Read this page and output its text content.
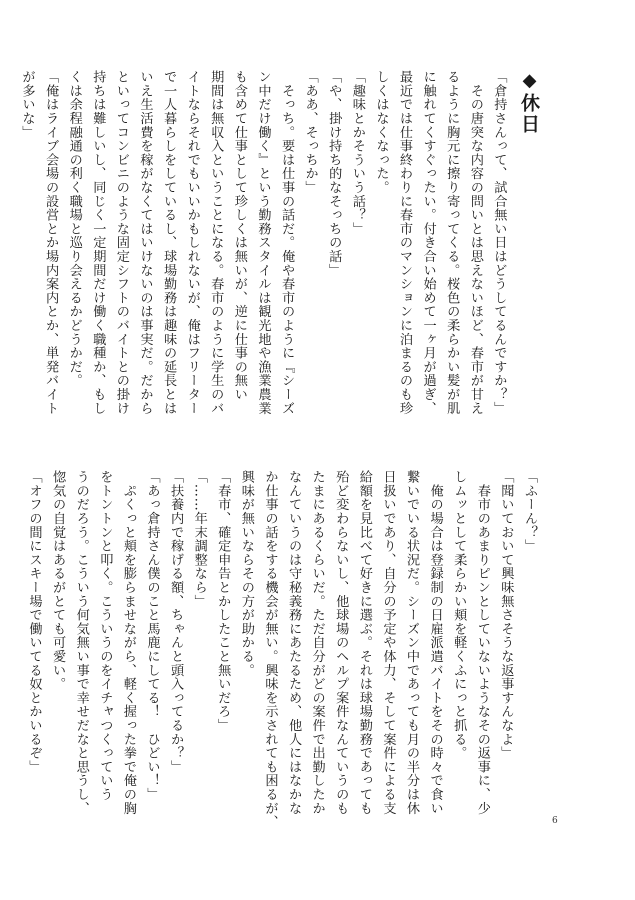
◆休日
「倉持さんって、試合無い日はどうしてるんですか？」
　その唐突な内容の問いとは思えないほど、春市が甘え
るように胸元に擦り寄ってくる。桜色の柔らかい髪が肌
に触れてくすぐったい。付き合い始めて一ヶ月が過ぎ、
最近では仕事終わりに春市のマンションに泊まるのも珍
しくはなくなった。
「趣味とかそういう話？」
「や、掛け持ち的なそっちの話」
「ああ、そっちか」
　そっち。要は仕事の話だ。俺や春市のように『シーズ
ン中だけ働く』という勤務スタイルは観光地や漁業農業
も含めて仕事として珍しくは無いが、逆に仕事の無い
期間は無収入ということになる。春市のように学生のバ
イトならそれでもいいかもしれないが、俺はフリーター
で一人暮らしをしているし、球場勤務は趣味の延長とは
いえ生活費を稼がなくてはいけないのは事実だ。だから
といってコンビニのような固定シフトのバイトとの掛け
持ちは難しいし、同じく一定期間だけ働く職種か、もし
くは余程融通の利く職場と巡り会えるかどうかだ。
「俺はライブ会場の設営とか場内案内とか、単発バイト
が多いな」
「ふーん？」
「聞いておいて興味無さそうな返事すんなよ」
　春市のあまりピンとしていないようなその返事に、少
しムッとして柔らかい頬を軽くふにっと抓る。
　俺の場合は登録制の日雇派遣バイトをその時々で食い
繋いでいる状況だ。シーズン中であっても月の半分は休
日扱いであり、自分の予定や体力、そして案件による支
給額を見比べて好きに選ぶ。それは球場勤務であっても
殆ど変わらないし、他球場のヘルプ案件なんていうのも
たまにあるくらいだ。ただ自分がどの案件で出勤したか
なんていうのは守秘義務にあたるため、他人にはなかな
か仕事の話をする機会が無い。興味を示されても困るが、
興味が無いならその方が助かる。
「春市、確定申告とかしたこと無いだろ」
「……年末調整なら」
「扶養内で稼げる額、ちゃんと頭入ってるか？」
「あっ倉持さん僕のこと馬鹿にしてる！　ひどい！」
　ぷくっと頬を膨らませながら、軽く握った拳で俺の胸
をトントンと叩く。こういうのをイチャつくっていう
うのだろう。こういう何気無い事で幸せだなと思うし、
惚気の自覚はあるがとても可愛い。
「オフの間にスキー場で働いてる奴とかいるぞ」
6
